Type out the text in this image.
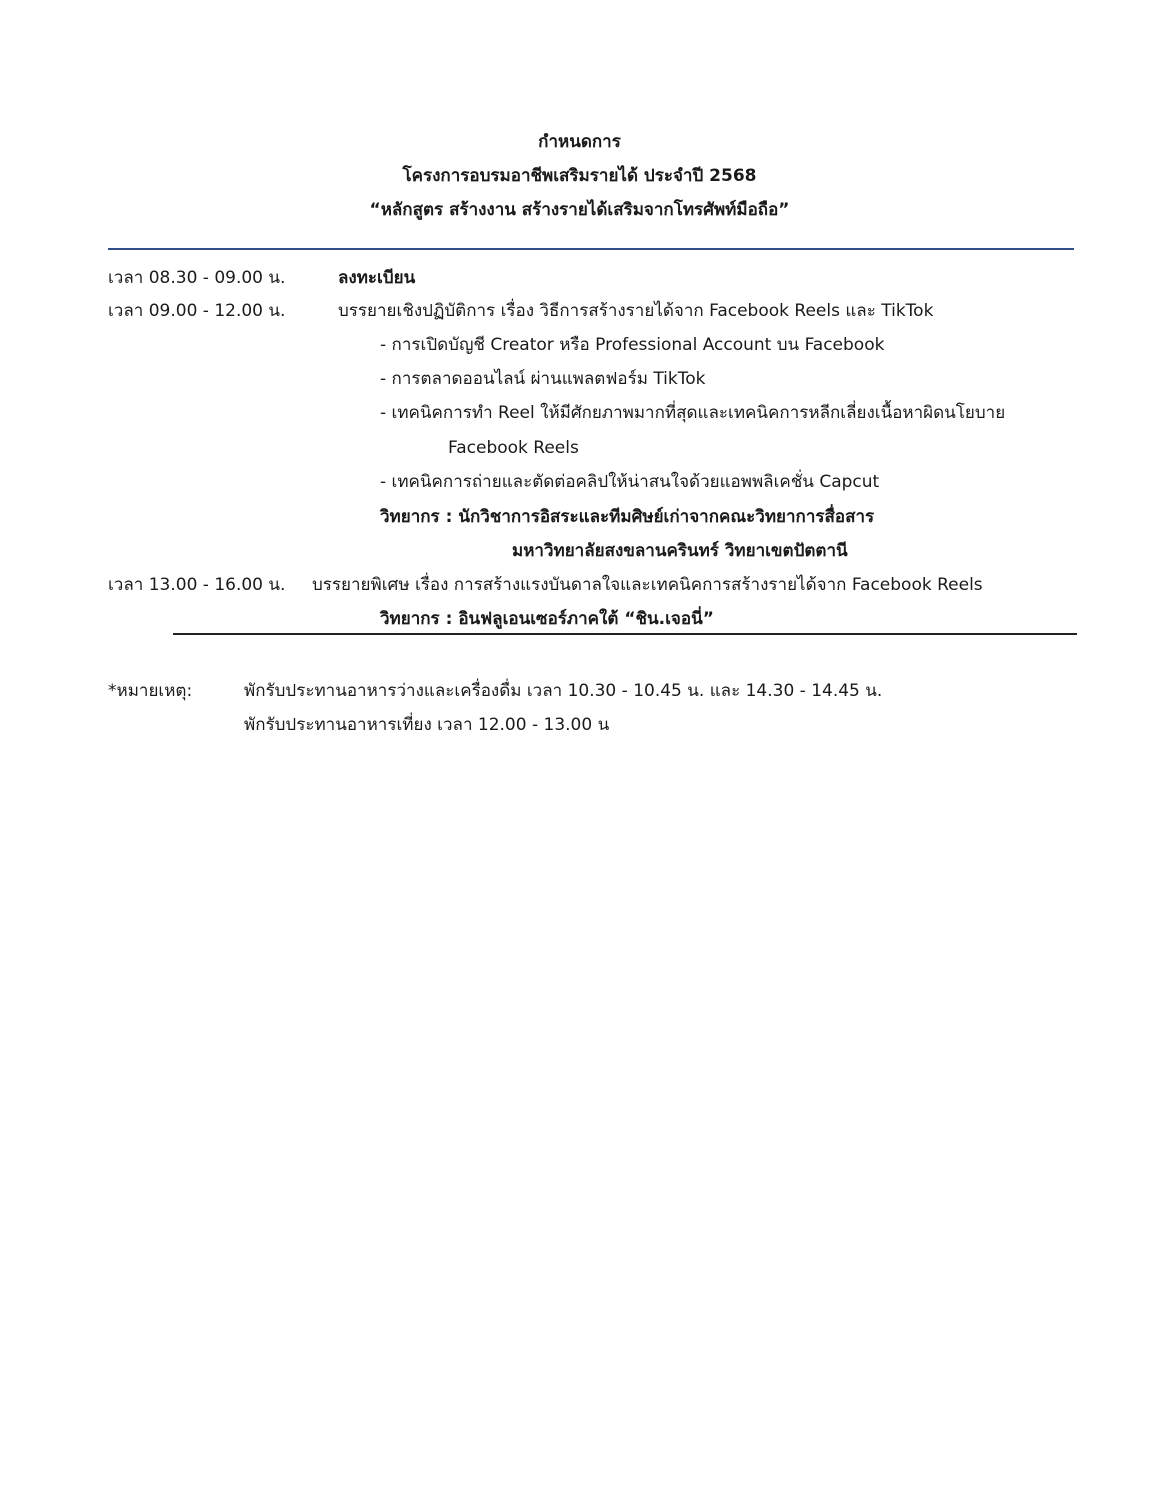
กำหนดการ
โครงการอบรมอาชีพเสริมรายได้ ประจำปี 2568
“หลักสูตร สร้างงาน สร้างรายได้เสริมจากโทรศัพท์มือถือ”
เวลา 08.30 - 09.00 น.	ลงทะเบียน
เวลา 09.00 - 12.00 น.	บรรยายเชิงปฏิบัติการ เรื่อง วิธีการสร้างรายได้จาก Facebook Reels และ TikTok
- การเปิดบัญชี Creator หรือ Professional Account บน Facebook
- การตลาดออนไลน์ ผ่านแพลตฟอร์ม TikTok
- เทคนิคการทำ Reel ให้มีศักยภาพมากที่สุดและเทคนิคการหลีกเลี่ยงเนื้อหาผิดนโยบาย
Facebook Reels
- เทคนิคการถ่ายและตัดต่อคลิปให้น่าสนใจด้วยแอพพลิเคชั่น Capcut
วิทยากร : นักวิชาการอิสระและทีมศิษย์เก่าจากคณะวิทยาการสื่อสาร
มหาวิทยาลัยสงขลานครินทร์ วิทยาเขตปัตตานี
เวลา 13.00 - 16.00 น. บรรยายพิเศษ เรื่อง การสร้างแรงบันดาลใจและเทคนิคการสร้างรายได้จาก Facebook Reels
วิทยากร : อินฟลูเอนเซอร์ภาคใต้ “ชิน.เจอนี่”
*หมายเหตุ:	พักรับประทานอาหารว่างและเครื่องดื่ม เวลา 10.30 - 10.45 น. และ 14.30 - 14.45 น.
พักรับประทานอาหารเที่ยง เวลา 12.00 - 13.00 น
